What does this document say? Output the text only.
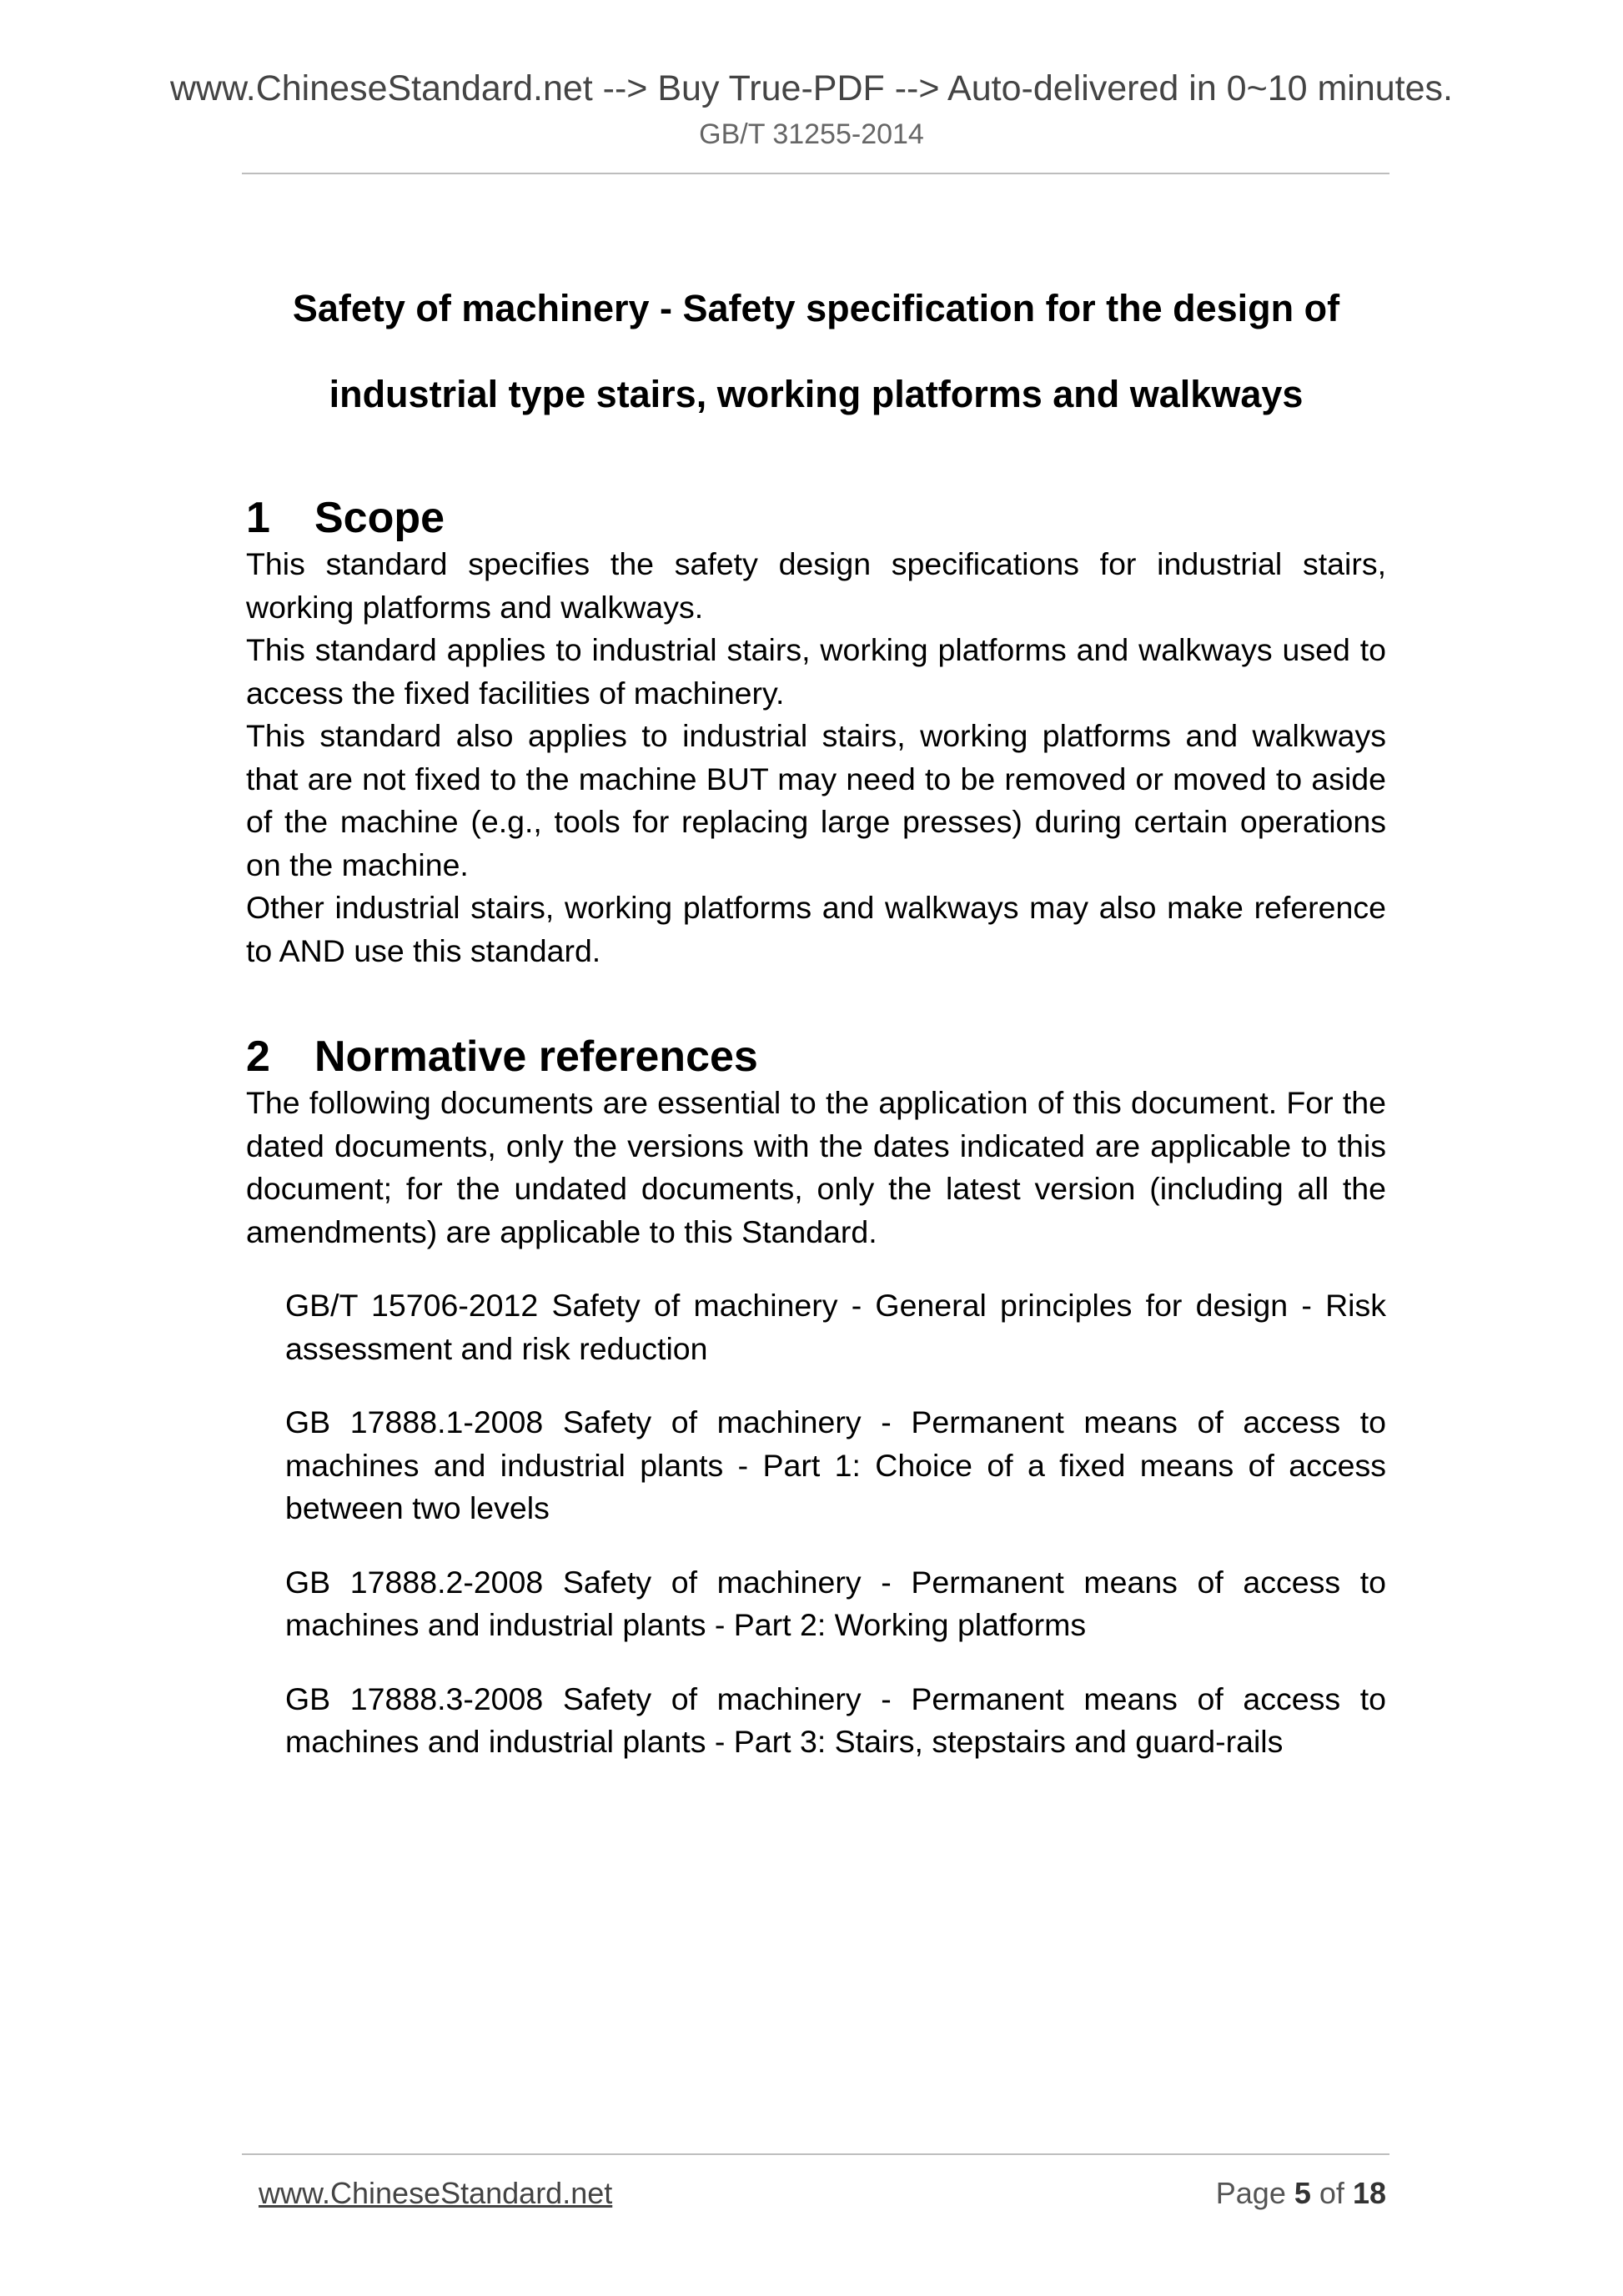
www.ChineseStandard.net --> Buy True-PDF --> Auto-delivered in 0~10 minutes.
GB/T 31255-2014
Safety of machinery - Safety specification for the design of
industrial type stairs, working platforms and walkways
1	Scope

This standard specifies the safety design specifications for industrial stairs, working platforms and walkways.

This standard applies to industrial stairs, working platforms and walkways used to access the fixed facilities of machinery.

This standard also applies to industrial stairs, working platforms and walkways that are not fixed to the machine BUT may need to be removed or moved to aside of the machine (e.g., tools for replacing large presses) during certain operations on the machine.

Other industrial stairs, working platforms and walkways may also make reference to AND use this standard.

2	Normative references

The following documents are essential to the application of this document. For the dated documents, only the versions with the dates indicated are applicable to this document; for the undated documents, only the latest version (including all the amendments) are applicable to this Standard.

GB/T 15706-2012 Safety of machinery - General principles for design - Risk assessment and risk reduction
GB 17888.1-2008 Safety of machinery - Permanent means of access to machines and industrial plants - Part 1: Choice of a fixed means of access between two levels
GB 17888.2-2008 Safety of machinery - Permanent means of access to machines and industrial plants - Part 2: Working platforms
GB 17888.3-2008 Safety of machinery - Permanent means of access to machines and industrial plants - Part 3: Stairs, stepstairs and guard-rails
www.ChineseStandard.net	Page 5 of 18
